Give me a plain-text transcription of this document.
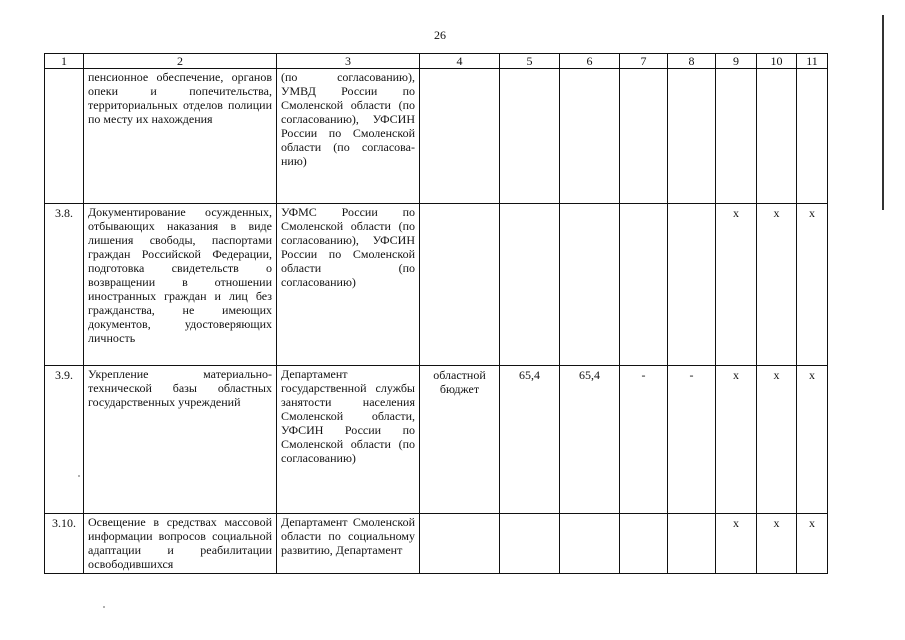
26
1	2	3	4	5	6	7	8	9	10	11
	пенсионное обеспечение, органов опеки и попечительства, территориальных отделов полиции по месту их нахождения	(по согласованию), УМВД России по Смоленской области (по согласованию), УФСИН России по Смоленской области (по согласова-нию)								
3.8.	Документирование осужденных, отбывающих наказания в виде лишения свободы, паспортами граждан Российской Федерации, подготовка свидетельств о возвращении в отношении иностранных граждан и лиц без гражданства, не имеющих документов, удостоверяющих личность	УФМС России по Смоленской области (по согласованию), УФСИН России по Смоленской области (по согласованию)						х	х	х
3.9.	Укрепление материально-технической базы областных государственных учреждений	Департамент государственной службы занятости населения Смоленской области, УФСИН России по Смоленской области (по согласованию)	областной бюджет	65,4	65,4	-	-	х	х	х
3.10.	Освещение в средствах массовой информации вопросов социальной адаптации и реабилитации освободившихся	Департамент Смоленской области по социальному развитию, Департамент						х	х	х
